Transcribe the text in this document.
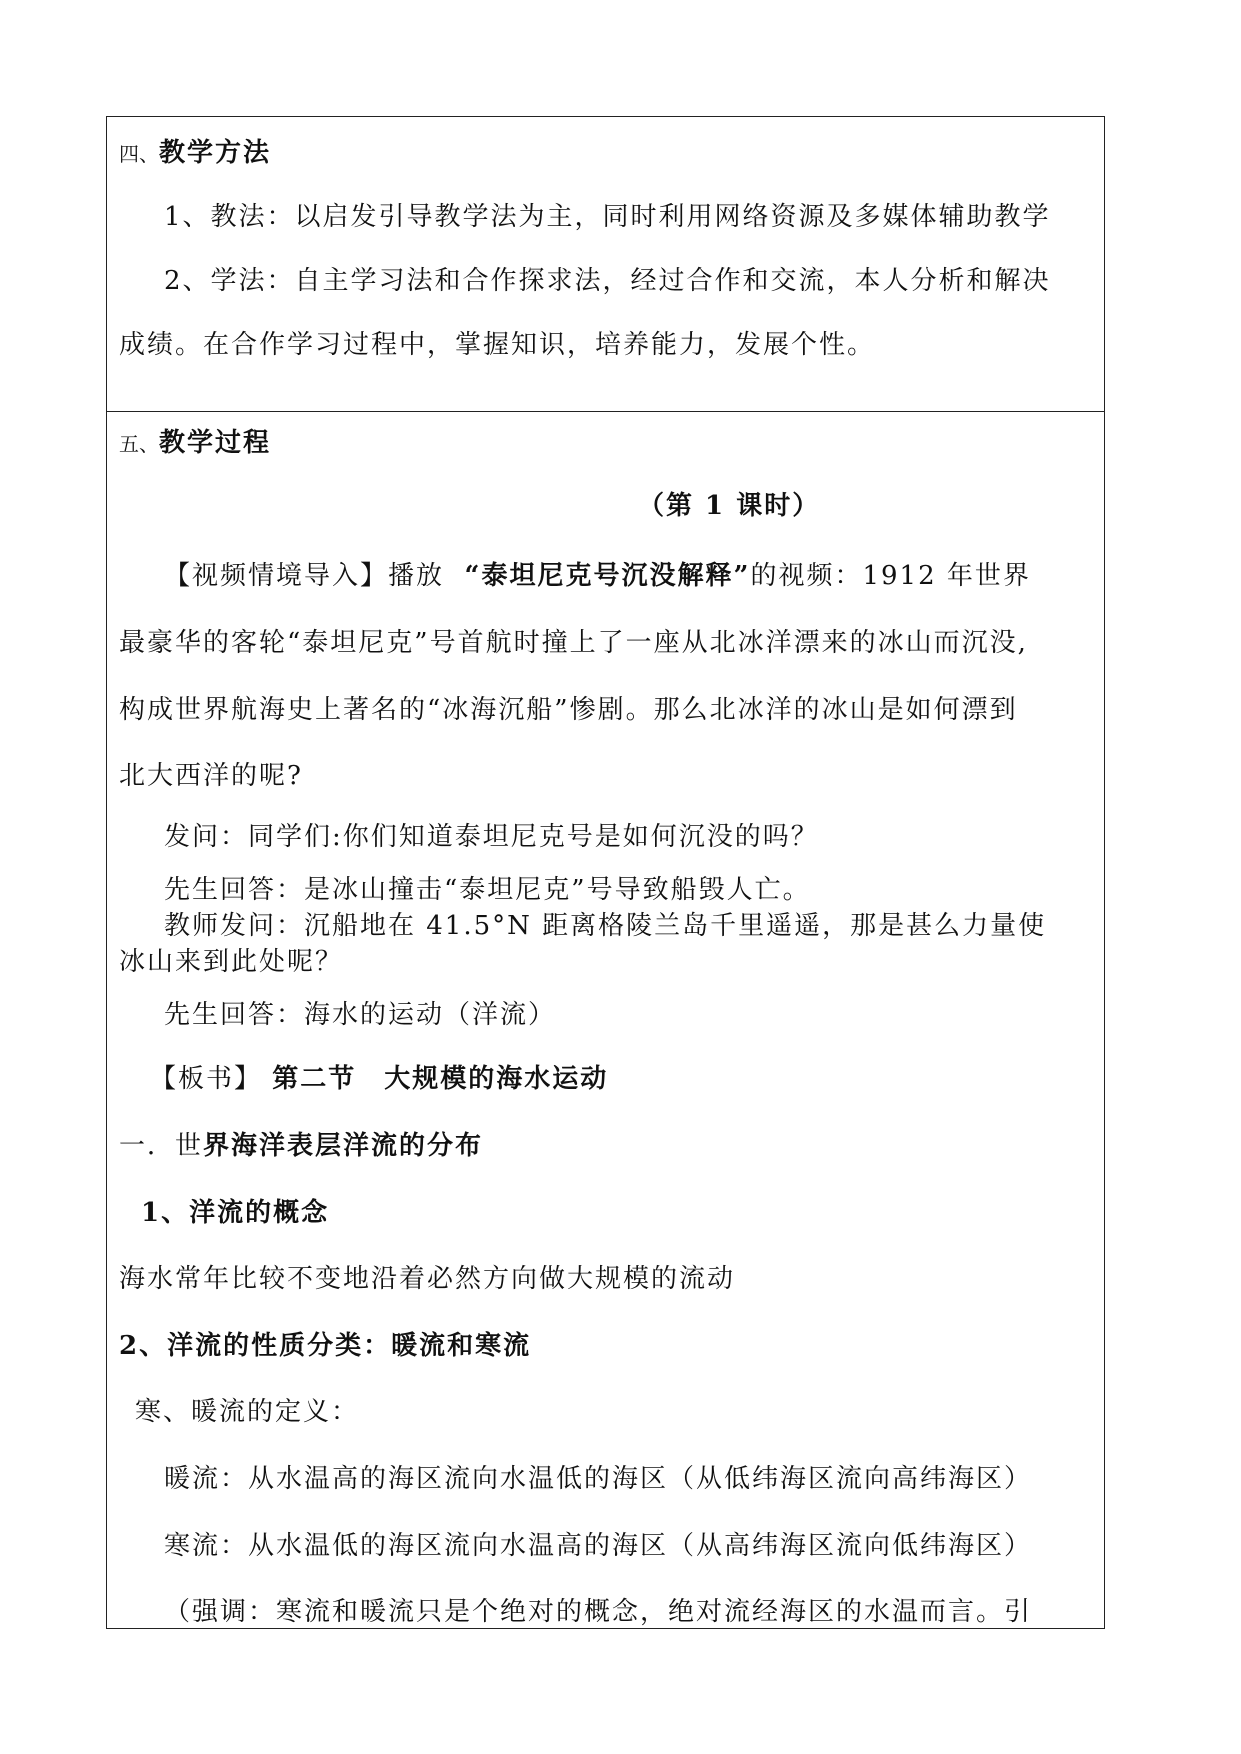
四、教学方法
1、教法：以启发引导教学法为主，同时利用网络资源及多媒体辅助教学
2、学法：自主学习法和合作探求法，经过合作和交流，本人分析和解决
成绩。在合作学习过程中，掌握知识，培养能力，发展个性。
五、教学过程
（第 1 课时）
【视频情境导入】播放 “泰坦尼克号沉没解释”的视频：1912 年世界
最豪华的客轮“泰坦尼克”号首航时撞上了一座从北冰洋漂来的冰山而沉没,
构成世界航海史上著名的“冰海沉船”惨剧。那么北冰洋的冰山是如何漂到
北大西洋的呢?
发问：同学们:你们知道泰坦尼克号是如何沉没的吗？
先生回答：是冰山撞击“泰坦尼克”号导致船毁人亡。
教师发问：沉船地在 41.5°N 距离格陵兰岛千里遥遥，那是甚么力量使
冰山来到此处呢？
先生回答：海水的运动（洋流）
【板书】 第二节　大规模的海水运动
一．世界海洋表层洋流的分布
1、洋流的概念
海水常年比较不变地沿着必然方向做大规模的流动
2、洋流的性质分类：暖流和寒流
寒、暖流的定义：
暖流：从水温高的海区流向水温低的海区（从低纬海区流向高纬海区）
寒流：从水温低的海区流向水温高的海区（从高纬海区流向低纬海区）
（强调：寒流和暖流只是个绝对的概念，绝对流经海区的水温而言。引
